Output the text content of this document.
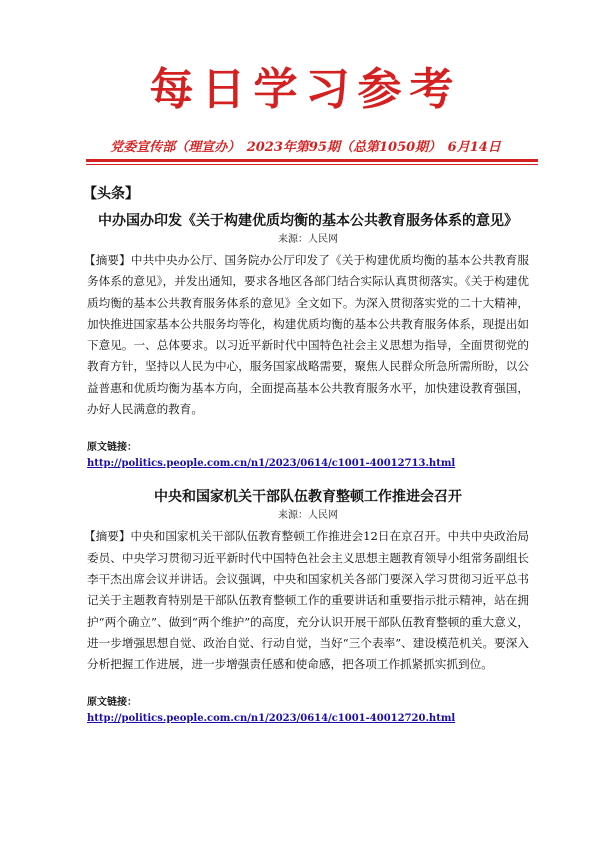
每日学习参考
党委宣传部（理宣办）　2023年第95期（总第1050期）　6月14日
【头条】
中办国办印发《关于构建优质均衡的基本公共教育服务体系的意见》
来源：人民网

【摘要】中共中央办公厅、国务院办公厅印发了《关于构建优质均衡的基本公共教育服务体系的意见》，并发出通知，要求各地区各部门结合实际认真贯彻落实。《关于构建优质均衡的基本公共教育服务体系的意见》全文如下。为深入贯彻落实党的二十大精神，加快推进国家基本公共服务均等化，构建优质均衡的基本公共教育服务体系，现提出如下意见。一、总体要求。以习近平新时代中国特色社会主义思想为指导，全面贯彻党的教育方针，坚持以人民为中心，服务国家战略需要，聚焦人民群众所急所需所盼，以公益普惠和优质均衡为基本方向，全面提高基本公共教育服务水平，加快建设教育强国，办好人民满意的教育。

原文链接：
http://politics.people.com.cn/n1/2023/0614/c1001-40012713.html
中央和国家机关干部队伍教育整顿工作推进会召开
来源：人民网

【摘要】中央和国家机关干部队伍教育整顿工作推进会12日在京召开。中共中央政治局委员、中央学习贯彻习近平新时代中国特色社会主义思想主题教育领导小组常务副组长李干杰出席会议并讲话。会议强调，中央和国家机关各部门要深入学习贯彻习近平总书记关于主题教育特别是干部队伍教育整顿工作的重要讲话和重要指示批示精神，站在拥护“两个确立”、做到“两个维护”的高度，充分认识开展干部队伍教育整顿的重大意义，进一步增强思想自觉、政治自觉、行动自觉，当好“三个表率”、建设模范机关。要深入分析把握工作进展，进一步增强责任感和使命感，把各项工作抓紧抓实抓到位。

原文链接：
http://politics.people.com.cn/n1/2023/0614/c1001-40012720.html
